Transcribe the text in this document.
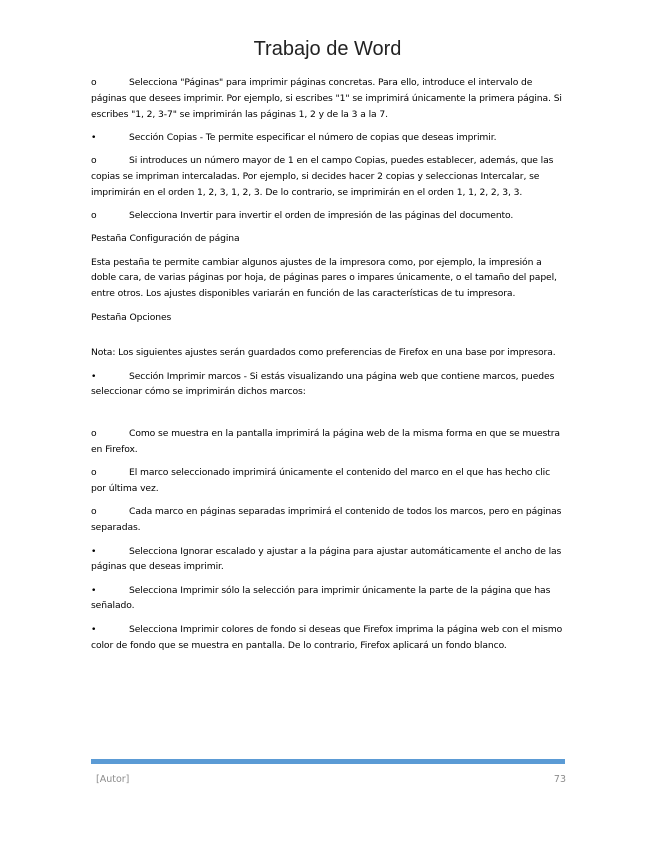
Trabajo de Word

o	Selecciona "Páginas" para imprimir páginas concretas. Para ello, introduce el intervalo de páginas que desees imprimir. Por ejemplo, si escribes "1" se imprimirá únicamente la primera página. Si escribes "1, 2, 3-7" se imprimirán las páginas 1, 2 y de la 3 a la 7.

•	Sección Copias - Te permite especificar el número de copias que deseas imprimir.

o	Si introduces un número mayor de 1 en el campo Copias, puedes establecer, además, que las copias se impriman intercaladas. Por ejemplo, si decides hacer 2 copias y seleccionas Intercalar, se imprimirán en el orden 1, 2, 3, 1, 2, 3. De lo contrario, se imprimirán en el orden 1, 1, 2, 2, 3, 3.

o	Selecciona Invertir para invertir el orden de impresión de las páginas del documento.

Pestaña Configuración de página

Esta pestaña te permite cambiar algunos ajustes de la impresora como, por ejemplo, la impresión a doble cara, de varias páginas por hoja, de páginas pares o impares únicamente, o el tamaño del papel, entre otros. Los ajustes disponibles variarán en función de las características de tu impresora.

Pestaña Opciones

Nota: Los siguientes ajustes serán guardados como preferencias de Firefox en una base por impresora.

•	Sección Imprimir marcos - Si estás visualizando una página web que contiene marcos, puedes seleccionar cómo se imprimirán dichos marcos:

o	Como se muestra en la pantalla imprimirá la página web de la misma forma en que se muestra en Firefox.

o	El marco seleccionado imprimirá únicamente el contenido del marco en el que has hecho clic por última vez.

o	Cada marco en páginas separadas imprimirá el contenido de todos los marcos, pero en páginas separadas.

•	Selecciona Ignorar escalado y ajustar a la página para ajustar automáticamente el ancho de las páginas que deseas imprimir.

•	Selecciona Imprimir sólo la selección para imprimir únicamente la parte de la página que has señalado.

•	Selecciona Imprimir colores de fondo si deseas que Firefox imprima la página web con el mismo color de fondo que se muestra en pantalla. De lo contrario, Firefox aplicará un fondo blanco.

[Autor]	73
